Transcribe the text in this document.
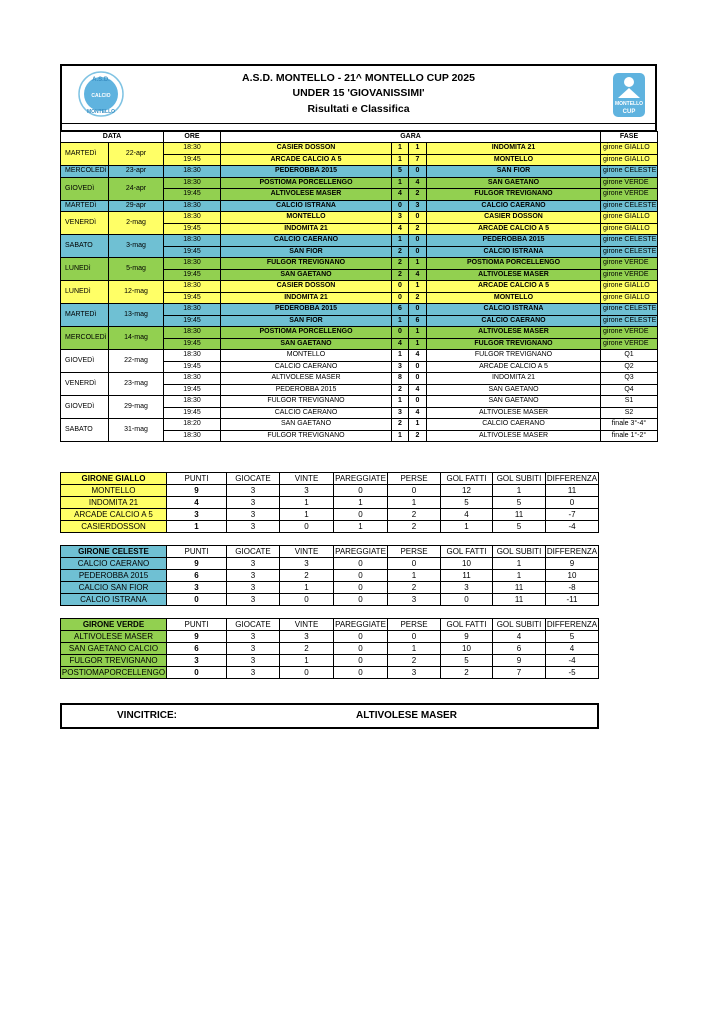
A.S.D.
CALCIO
MONTELLO
A.S.D. MONTELLO - 21^ MONTELLO CUP 2025
UNDER 15 'GIOVANISSIMI'
Risultati e Classifica	MONTELLO
CUP
DATA		ORE	GARA				FASE
MARTEDì	22-apr	18:30	CASIER DOSSON	1	1	INDOMITA 21	girone GIALLO
		19:45	ARCADE CALCIO A 5	1	7	MONTELLO	girone GIALLO
MERCOLEDì	23-apr	18:30	PEDEROBBA 2015	5	0	SAN FIOR	girone CELESTE
GIOVEDì	24-apr	18:30	POSTIOMA PORCELLENGO	1	4	SAN GAETANO	girone VERDE
		19:45	ALTIVOLESE MASER	4	2	FULGOR TREVIGNANO	girone VERDE
MARTEDì	29-apr	18:30	CALCIO ISTRANA	0	3	CALCIO CAERANO	girone CELESTE
VENERDì	2-mag	18:30	MONTELLO	3	0	CASIER DOSSON	girone GIALLO
		19:45	INDOMITA 21	4	2	ARCADE CALCIO A 5	girone GIALLO
SABATO	3-mag	18:30	CALCIO CAERANO	1	0	PEDEROBBA 2015	girone CELESTE
		19:45	SAN FIOR	2	0	CALCIO ISTRANA	girone CELESTE
LUNEDì	5-mag	18:30	FULGOR TREVIGNANO	2	1	POSTIOMA PORCELLENGO	girone VERDE
		19:45	SAN GAETANO	2	4	ALTIVOLESE MASER	girone VERDE
LUNEDì	12-mag	18:30	CASIER DOSSON	0	1	ARCADE CALCIO A 5	girone GIALLO
		19:45	INDOMITA 21	0	2	MONTELLO	girone GIALLO
MARTEDì	13-mag	18:30	PEDEROBBA 2015	6	0	CALCIO ISTRANA	girone CELESTE
		19:45	SAN FIOR	1	6	CALCIO CAERANO	girone CELESTE
MERCOLEDì	14-mag	18:30	POSTIOMA PORCELLENGO	0	1	ALTIVOLESE MASER	girone VERDE
		19:45	SAN GAETANO	4	1	FULGOR TREVIGNANO	girone VERDE
GIOVEDì	22-mag	18:30	MONTELLO	1	4	FULGOR TREVIGNANO	Q1
		19:45	CALCIO CAERANO	3	0	ARCADE CALCIO A 5	Q2
VENERDì	23-mag	18:30	ALTIVOLESE MASER	8	0	INDOMITA 21	Q3
		19:45	PEDEROBBA 2015	2	4	SAN GAETANO	Q4
GIOVEDì	29-mag	18:30	FULGOR TREVIGNANO	1	0	SAN GAETANO	S1
		19:45	CALCIO CAERANO	3	4	ALTIVOLESE MASER	S2
SABATO	31-mag	18:20	SAN GAETANO	2	1	CALCIO CAERANO	finale 3°-4°
		18:30	FULGOR TREVIGNANO	1	2	ALTIVOLESE MASER	finale 1°-2°
GIRONE GIALLO	PUNTI	GIOCATE	VINTE	PAREGGIATE	PERSE	GOL FATTI	GOL SUBITI	DIFFERENZA
MONTELLO	9	3	3	0	0	12	1	11
INDOMITA 21	4	3	1	1	1	5	5	0
ARCADE CALCIO A 5	3	3	1	0	2	4	11	-7
CASIERDOSSON	1	3	0	1	2	1	5	-4
GIRONE CELESTE	PUNTI	GIOCATE	VINTE	PAREGGIATE	PERSE	GOL FATTI	GOL SUBITI	DIFFERENZA
CALCIO CAERANO	9	3	3	0	0	10	1	9
PEDEROBBA 2015	6	3	2	0	1	11	1	10
CALCIO SAN FIOR	3	3	1	0	2	3	11	-8
CALCIO ISTRANA	0	3	0	0	3	0	11	-11
GIRONE VERDE	PUNTI	GIOCATE	VINTE	PAREGGIATE	PERSE	GOL FATTI	GOL SUBITI	DIFFERENZA
ALTIVOLESE MASER	9	3	3	0	0	9	4	5
SAN GAETANO CALCIO	6	3	2	0	1	10	6	4
FULGOR TREVIGNANO	3	3	1	0	2	5	9	-4
POSTIOMAPORCELLENGO	0	3	0	0	3	2	7	-5
VINCITRICE:	ALTIVOLESE MASER
